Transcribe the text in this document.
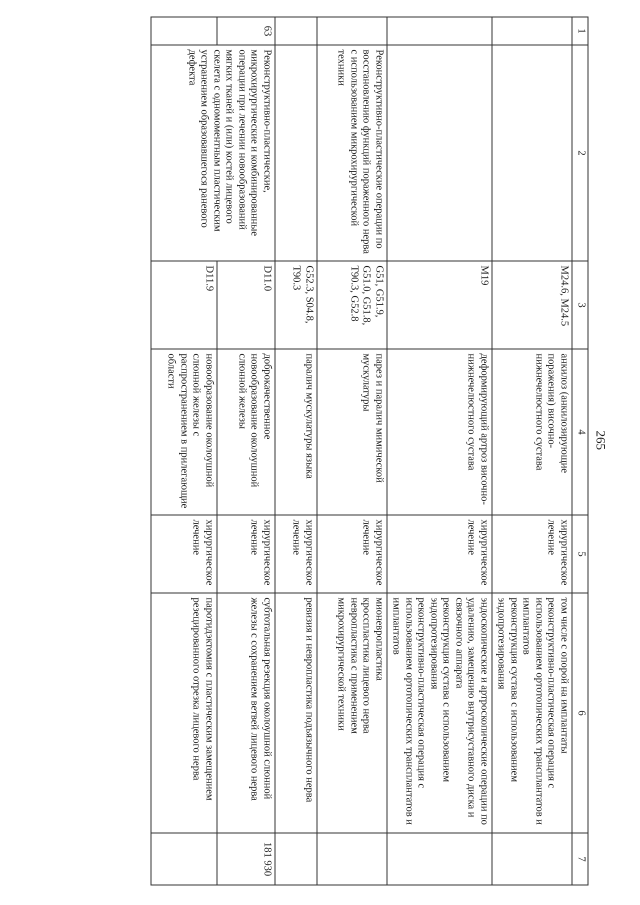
265
1	2	3	4	5	6	7
		M24.6, M24.5	анкилоз (анкилозирующие поражения) височно-нижнечелюстного сустава	хирургическое лечение	том числе с опорой на имплантаты
реконструктивно-пластическая операция с использованием ортотопических трансплантатов и имплантатов
реконструкция сустава с использованием эндопротезирования	

		M19	деформирующий артроз височно-нижнечелюстного сустава	хирургическое лечение	эндоскопические и артроскопические операции по удалению, замещению внутрисуставного диска и связочного аппарата
реконструкция сустава с использованием эндопротезирования
реконструктивно-пластическая операция с использованием ортотопических трансплантатов и имплантатов	

	Реконструктивно-пластические операции по восстановлению функций пораженного нерва с использованием микрохирургической техники	G51, G51.9, G51.0, G51.8, T90.3, G52.8	парез и паралич мимической мускулатуры	хирургическое лечение	мионевропластика
кросспластика лицевого нерва
невропластика с применением микрохирургической техники	

		G52.3, S04.8, T90.3	паралич мускулатуры языка	хирургическое лечение	ревизия и невропластика подъязычного нерва	

63	Реконструктивно-пластические, микрохирургические и комбинированные операции при лечении новообразований мягких тканей и (или) костей лицевого скелета с одномоментным пластическим устранением образовавшегося раневого дефекта	D11.0	доброкачественное новообразование околоушной слюнной железы	хирургическое лечение	субтотальная резекция околоушной слюнной железы с сохранением ветвей лицевого нерва	181 930
		D11.9	новообразование околоушной слюнной железы с распространением в прилегающие области	хирургическое лечение	паротидэктомия с пластическим замещением резецированного отрезка лицевого нерва	
